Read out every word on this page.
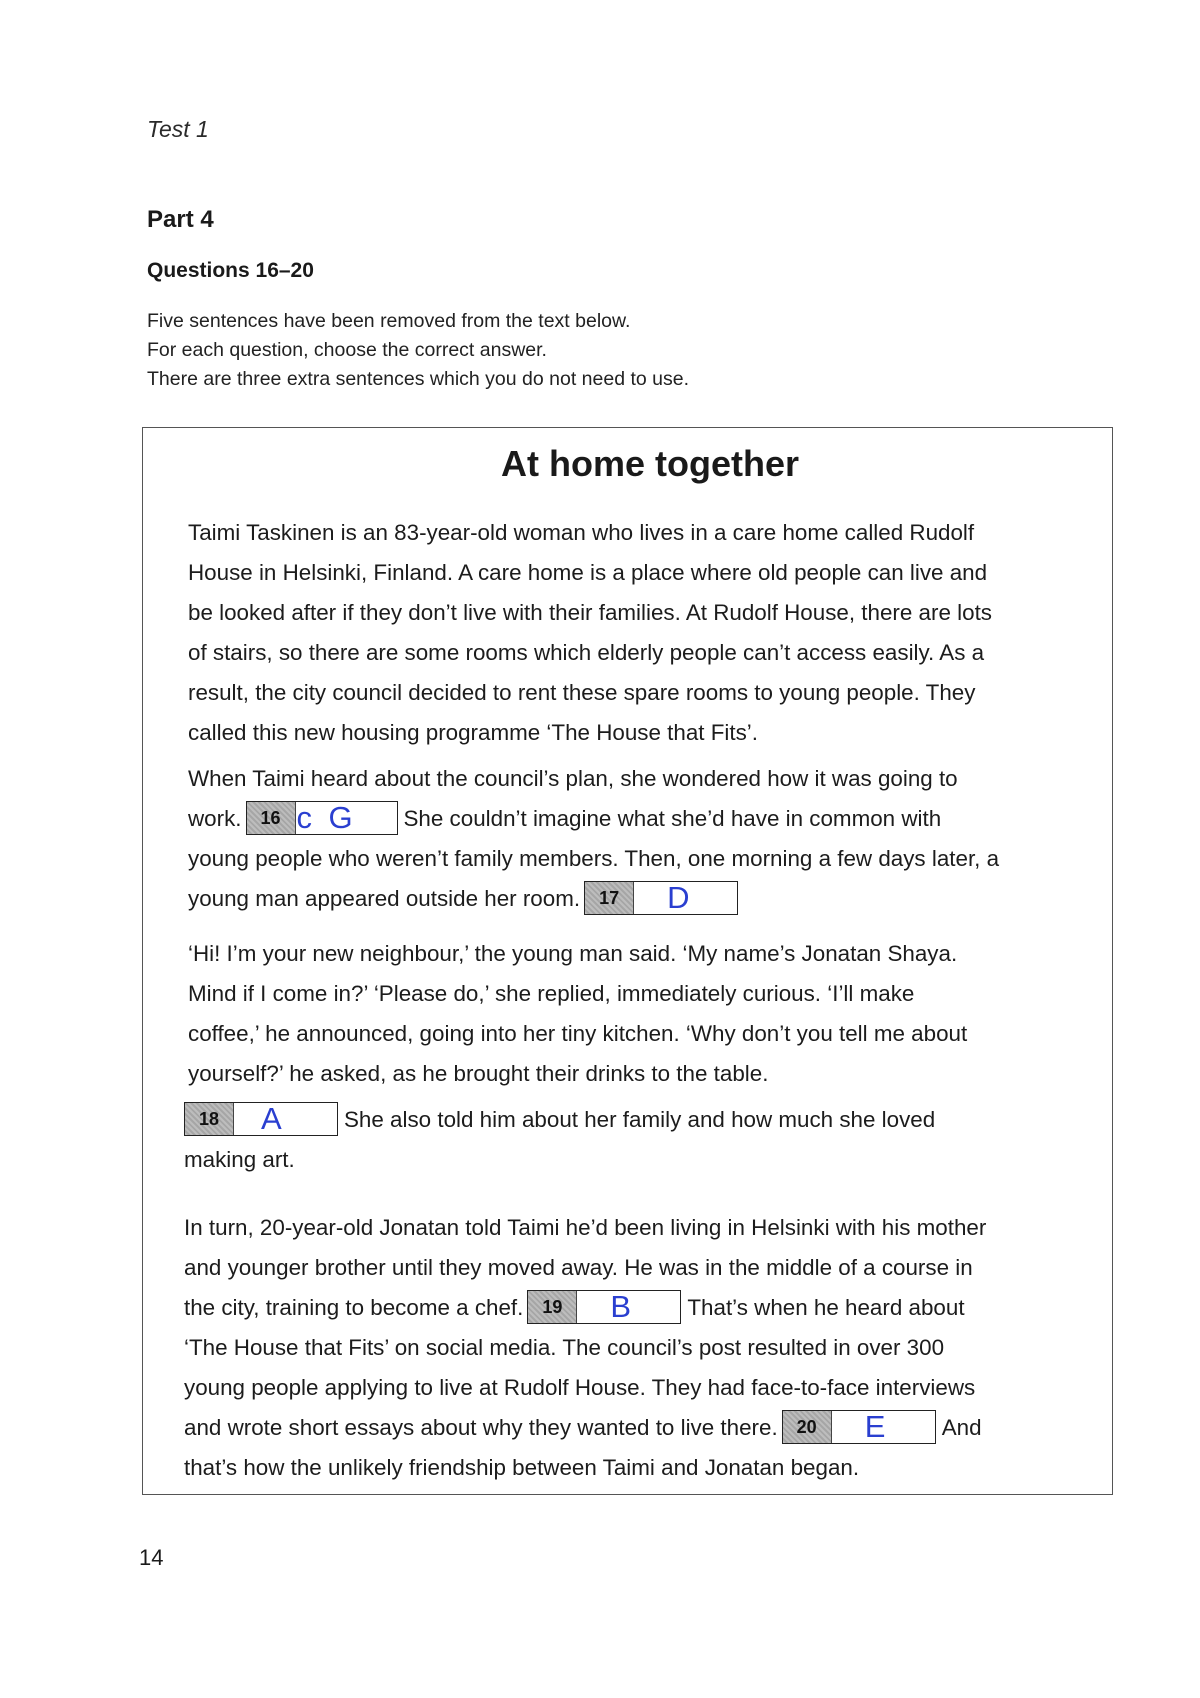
Test 1
Part 4
Questions 16–20
Five sentences have been removed from the text below.
For each question, choose the correct answer.
There are three extra sentences which you do not need to use.
At home together
Taimi Taskinen is an 83-year-old woman who lives in a care home called Rudolf
House in Helsinki, Finland. A care home is a place where old people can live and
be looked after if they don’t live with their families. At Rudolf House, there are lots
of stairs, so there are some rooms which elderly people can’t access easily. As a
result, the city council decided to rent these spare rooms to young people. They
called this new housing programme ‘The House that Fits’.
When Taimi heard about the council’s plan, she wondered how it was going to
work.	16 c G She couldn’t imagine what she’d have in common with
young people who weren’t family members. Then, one morning a few days later, a
young man appeared outside her room.	17	D
‘Hi! I’m your new neighbour,’ the young man said. ‘My name’s Jonatan Shaya.
Mind if I come in?’ ‘Please do,’ she replied, immediately curious. ‘I’ll make
coffee,’ he announced, going into her tiny kitchen. ‘Why don’t you tell me about
yourself?’ he asked, as he brought their drinks to the table.
18	A	She also told him about her family and how much she loved
making art.
In turn, 20-year-old Jonatan told Taimi he’d been living in Helsinki with his mother
and younger brother until they moved away. He was in the middle of a course in
the city, training to become a chef.	19	B	That’s when he heard about
‘The House that Fits’ on social media. The council’s post resulted in over 300
young people applying to live at Rudolf House. They had face-to-face interviews
and wrote short essays about why they wanted to live there.	20	E	And
that’s how the unlikely friendship between Taimi and Jonatan began.
14
